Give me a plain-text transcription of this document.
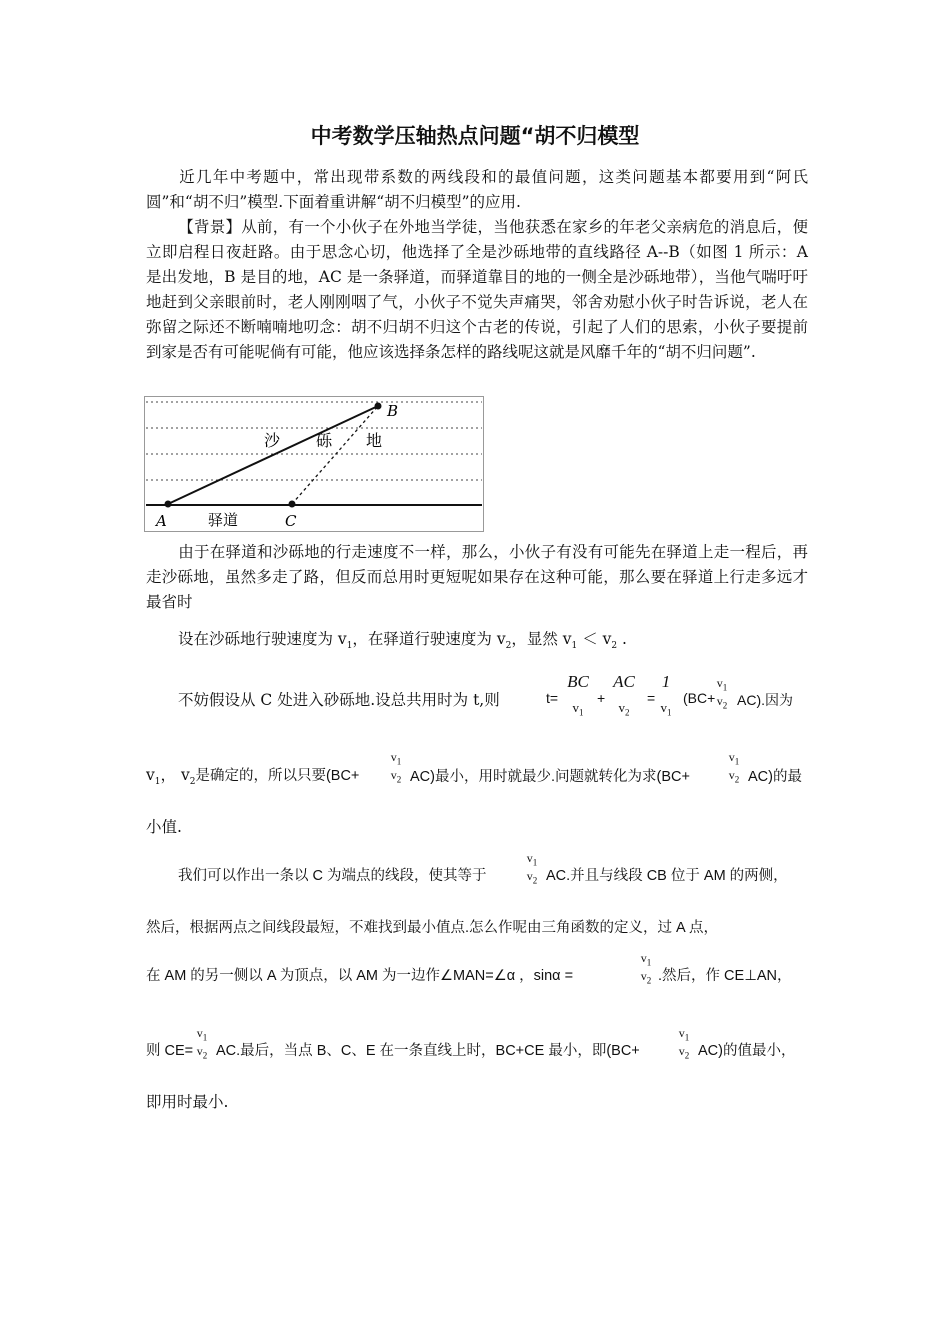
中考数学压轴热点问题“胡不归模型
近几年中考题中，常出现带系数的两线段和的最值问题，这类问题基本都要用到“阿氏圆”和“胡不归”模型.下面着重讲解“胡不归模型”的应用.
【背景】从前，有一个小伙子在外地当学徒，当他获悉在家乡的年老父亲病危的消息后，便立即启程日夜赶路。由于思念心切，他选择了全是沙砾地带的直线路径 A--B（如图 1 所示：A 是出发地，B 是目的地，AC 是一条驿道，而驿道靠目的地的一侧全是沙砾地带），当他气喘吁吁地赶到父亲眼前时，老人刚刚咽了气，小伙子不觉失声痛哭，邻舍劝慰小伙子时告诉说，老人在弥留之际还不断喃喃地叨念：胡不归胡不归这个古老的传说，引起了人们的思索，小伙子要提前到家是否有可能呢倘有可能，他应该选择条怎样的路线呢这就是风靡千年的“胡不归问题”.
沙 砾 地
驿道
A	C
B
由于在驿道和沙砾地的行走速度不一样，那么，小伙子有没有可能先在驿道上走一程后，再走沙砾地，虽然多走了路，但反而总用时更短呢如果存在这种可能，那么要在驿道上行走多远才最省时
设在沙砾地行驶速度为 $v_1$，在驿道行驶速度为 $v_2$，显然 $v_1 < v_2$ .
不妨假设从 C 处进入砂砾地.设总共用时为 t,则	t=
BC
$v_1$
+
AC
$v_2$
=
1
$v_1$
(BC+
$v_1$
$v_2$ AC).因为
$v_1$， $v_2$是确定的，所以只要(BC+
$v_1$
$v_2$ AC)最小，用时就最少.问题就转化为求(BC+
$v_1$
$v_2$ AC)的最
小值.
我们可以作出一条以 C 为端点的线段，使其等于
$v_1$
$v_2$ AC.并且与线段 CB 位于 AM 的两侧，
然后，根据两点之间线段最短，不难找到最小值点.怎么作呢由三角函数的定义，过 A 点，
在 AM 的另一侧以 A 为顶点，以 AM 为一边作∠MAN=∠α ，sinα =
$v_1$
$v_2$ .然后，作 CE⊥AN，
则 CE=
$v_1$
$v_2$ AC.最后，当点 B、C、E 在一条直线上时，BC+CE 最小，即(BC+
$v_1$
$v_2$ AC)的值最小，
即用时最小.
